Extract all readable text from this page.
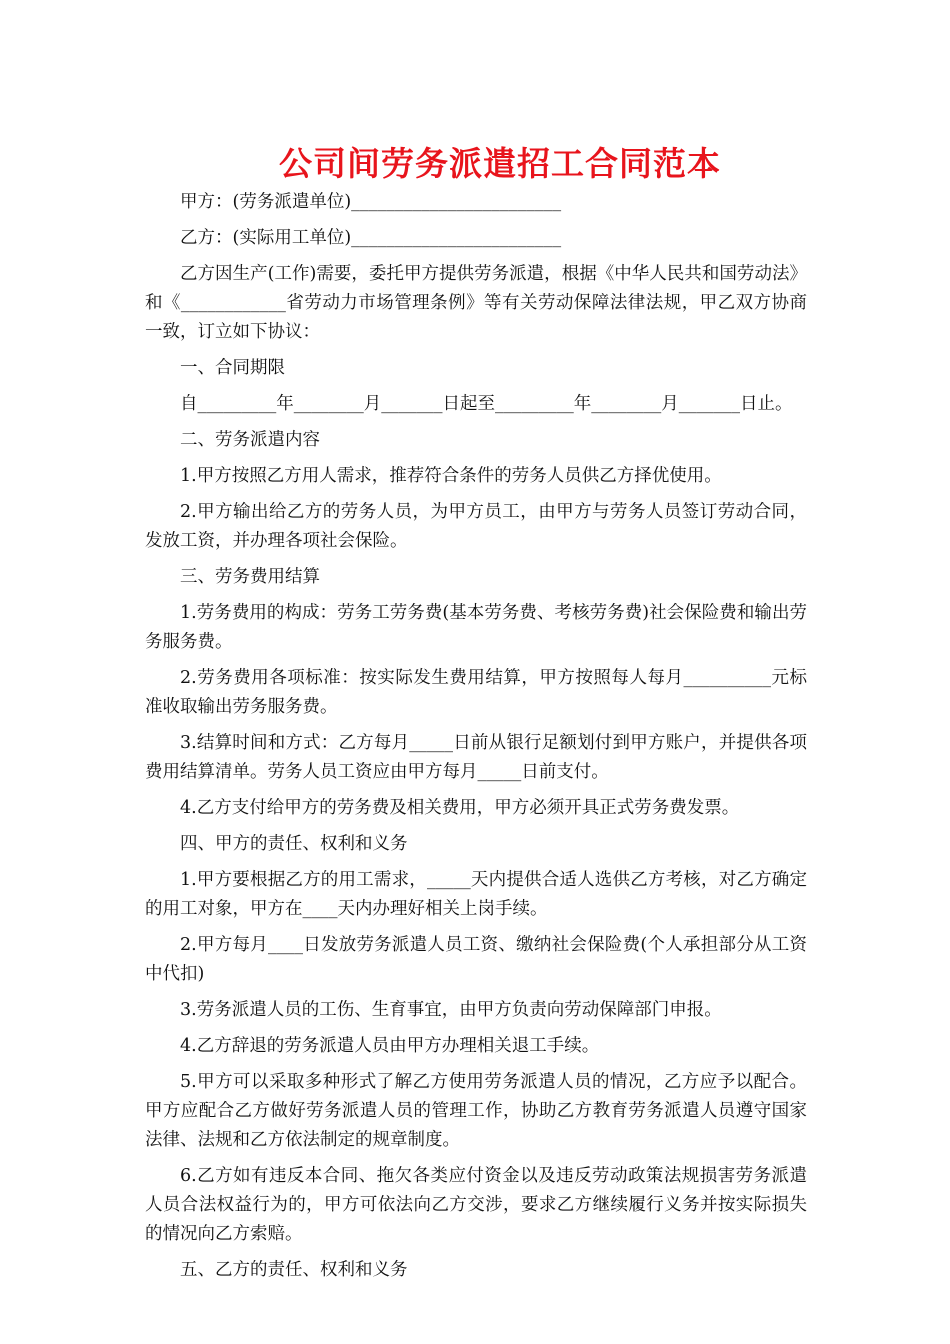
公司间劳务派遣招工合同范本

甲方：(劳务派遣单位)________________________

乙方：(实际用工单位)________________________

乙方因生产(工作)需要，委托甲方提供劳务派遣，根据《中华人民共和国劳动法》和《____________省劳动力市场管理条例》等有关劳动保障法律法规，甲乙双方协商一致，订立如下协议：

一、合同期限

自_________年________月_______日起至_________年________月_______日止。

二、劳务派遣内容

1.甲方按照乙方用人需求，推荐符合条件的劳务人员供乙方择优使用。

2.甲方输出给乙方的劳务人员，为甲方员工，由甲方与劳务人员签订劳动合同，发放工资，并办理各项社会保险。

三、劳务费用结算

1.劳务费用的构成：劳务工劳务费(基本劳务费、考核劳务费)社会保险费和输出劳务服务费。

2.劳务费用各项标准：按实际发生费用结算，甲方按照每人每月__________元标准收取输出劳务服务费。

3.结算时间和方式：乙方每月_____日前从银行足额划付到甲方账户，并提供各项费用结算清单。劳务人员工资应由甲方每月_____日前支付。

4.乙方支付给甲方的劳务费及相关费用，甲方必须开具正式劳务费发票。

四、甲方的责任、权利和义务

1.甲方要根据乙方的用工需求，_____天内提供合适人选供乙方考核，对乙方确定的用工对象，甲方在____天内办理好相关上岗手续。

2.甲方每月____日发放劳务派遣人员工资、缴纳社会保险费(个人承担部分从工资中代扣)

3.劳务派遣人员的工伤、生育事宜，由甲方负责向劳动保障部门申报。

4.乙方辞退的劳务派遣人员由甲方办理相关退工手续。

5.甲方可以采取多种形式了解乙方使用劳务派遣人员的情况，乙方应予以配合。甲方应配合乙方做好劳务派遣人员的管理工作，协助乙方教育劳务派遣人员遵守国家法律、法规和乙方依法制定的规章制度。

6.乙方如有违反本合同、拖欠各类应付资金以及违反劳动政策法规损害劳务派遣人员合法权益行为的，甲方可依法向乙方交涉，要求乙方继续履行义务并按实际损失的情况向乙方索赔。

五、乙方的责任、权利和义务
